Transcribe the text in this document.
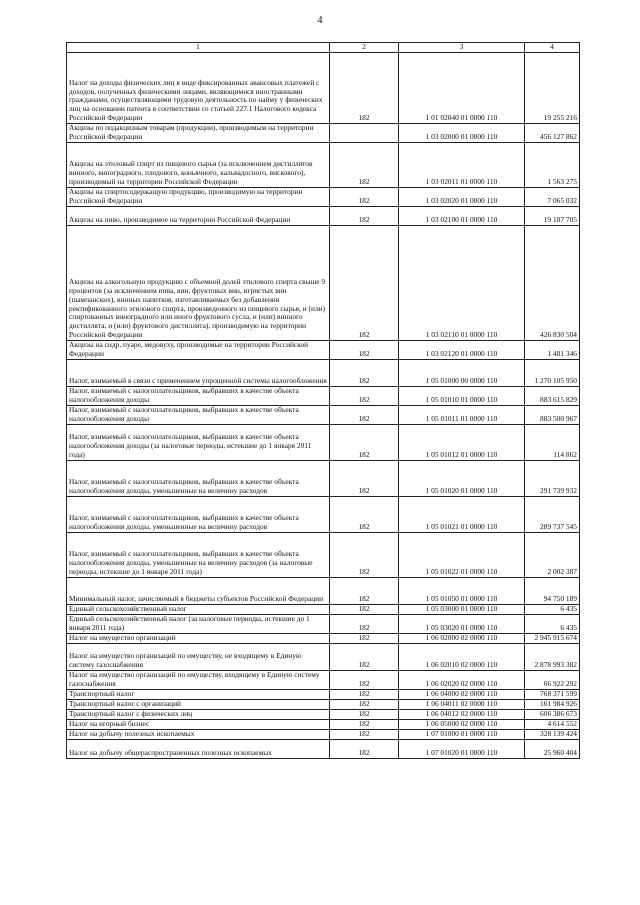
4
1	2	3	4
Налог на доходы физических лиц в виде фиксированных авансовых платежей с доходов, полученных физическими лицами, являющимися иностранными гражданами, осуществляющими трудовую деятельность по найму у физических лиц на основании патента в соответствии со статьей 227.1 Налогового кодекса Российской Федерации	182	1 01 02040 01 0000 110	19 255 216
Акцизы по подакцизным товарам (продукции), производимым на территории Российской Федерации		1 03 02000 01 0000 110	456 127 862
Акцизы на этиловый спирт из пищевого сырья (за исключением дистиллятов винного, виноградного, плодового, коньячного, кальвадосного, вискового), производимый на территории Российской Федерации	182	1 03 02011 01 0000 110	1 563 275
Акцизы на спиртосодержащую продукцию, производимую на территории Российской Федерации	182	1 03 02020 01 0000 110	7 065 032
Акцизы на пиво, производимое на территории Российской Федерации	182	1 03 02100 01 0000 110	19 187 705
Акцизы на алкогольную продукцию с объемной долей этилового спирта свыше 9 процентов (за исключением пива, вин, фруктовых вин, игристых вин (шампанских), винных напитков, изготавливаемых без добавления ректификованного этилового спирта, произведенного из пищевого сырья, и (или) спиртованных виноградного или иного фруктового сусла, и (или) винного дистиллята, и (или) фруктового дистиллята), производимую на территории Российской Федерации	182	1 03 02110 01 0000 110	426 830 504
Акцизы на сидр, пуаре, медовуху, производимые на территории Российской Федерации	182	1 03 02120 01 0000 110	1 481 346
Налог, взимаемый в связи с применением упрощенной системы налогообложения	182	1 05 01000 00 0000 110	1 270 105 950
Налог, взимаемый с налогоплательщиков, выбравших в качестве объекта налогообложения доходы	182	1 05 01010 01 0000 110	883 615 829
Налог, взимаемый с налогоплательщиков, выбравших в качестве объекта налогообложения доходы	182	1 05 01011 01 0000 110	883 500 967
Налог, взимаемый с налогоплательщиков, выбравших в качестве объекта налогообложения доходы (за налоговые периоды, истекшие до 1 января 2011 года)	182	1 05 01012 01 0000 110	114 862
Налог, взимаемый с налогоплательщиков, выбравших в качестве объекта налогообложения доходы, уменьшенные на величину расходов	182	1 05 01020 01 0000 110	291 739 932
Налог, взимаемый с налогоплательщиков, выбравших в качестве объекта налогообложения доходы, уменьшенные на величину расходов	182	1 05 01021 01 0000 110	289 737 545
Налог, взимаемый с налогоплательщиков, выбравших в качестве объекта налогообложения доходы, уменьшенные на величину расходов (за налоговые периоды, истекшие до 1 января 2011 года)	182	1 05 01022 01 0000 110	2 002 387
Минимальный налог, зачисляемый в бюджеты субъектов Российской Федерации	182	1 05 01050 01 0000 110	94 750 189
Единый сельскохозяйственный налог	182	1 05 03000 01 0000 110	6 435
Единый сельскохозяйственный налог (за налоговые периоды, истекшие до 1 января 2011 года)	182	1 05 03020 01 0000 110	6 435
Налог на имущество организаций	182	1 06 02000 02 0000 110	2 945 915 674
Налог на имущество организаций по имуществу, не входящему в Единую систему газоснабжения	182	1 06 02010 02 0000 110	2 878 993 382
Налог на имущество организаций по имуществу, входящему в Единую систему газоснабжения	182	1 06 02020 02 0000 110	66 922 292
Транспортный налог	182	1 06 04000 02 0000 110	768 371 599
Транспортный налог с организаций	182	1 06 04011 02 0000 110	161 984 926
Транспортный налог с физических лиц	182	1 06 04012 02 0000 110	606 386 673
Налог на игорный бизнес	182	1 06 05000 02 0000 110	4 614 552
Налог на добычу полезных ископаемых	182	1 07 01000 01 0000 110	328 139 424
Налог на добычу общераспространенных полезных ископаемых	182	1 07 01020 01 0000 110	25 960 404
